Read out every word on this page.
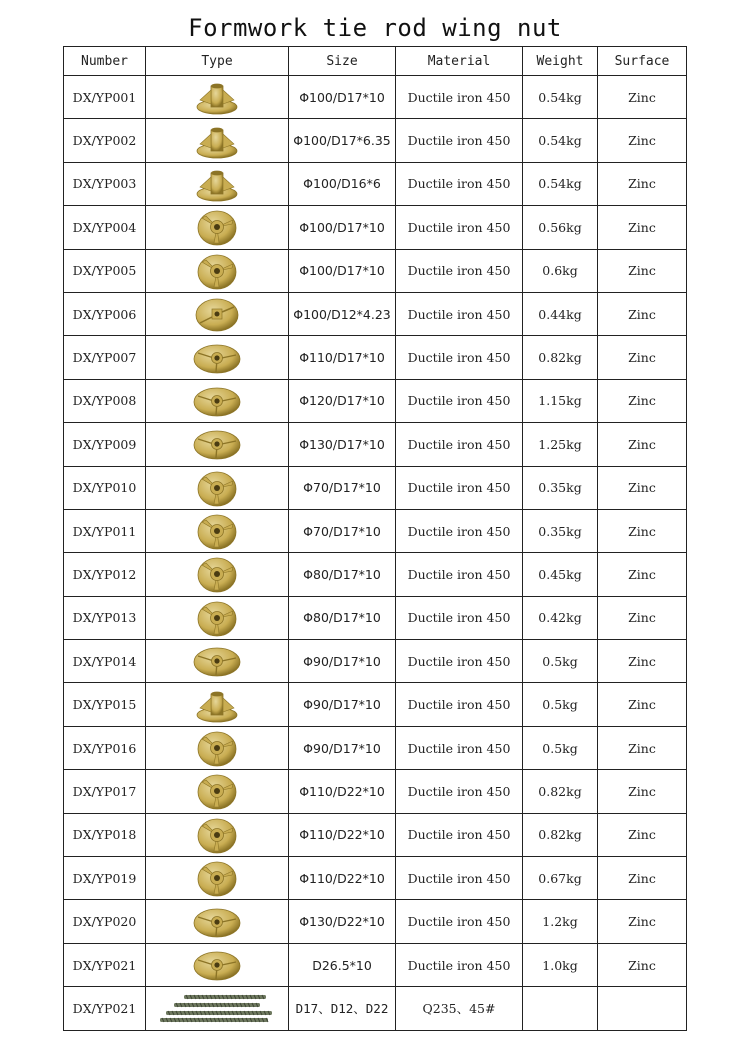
Formwork tie rod wing nut
Number	Type	Size	Material	Weight	Surface
DX/YP001		Φ100/D17*10	Ductile iron 450	0.54kg	Zinc
DX/YP002		Φ100/D17*6.35	Ductile iron 450	0.54kg	Zinc
DX/YP003		Φ100/D16*6	Ductile iron 450	0.54kg	Zinc
DX/YP004		Φ100/D17*10	Ductile iron 450	0.56kg	Zinc
DX/YP005		Φ100/D17*10	Ductile iron 450	0.6kg	Zinc
DX/YP006		Φ100/D12*4.23	Ductile iron 450	0.44kg	Zinc
DX/YP007		Φ110/D17*10	Ductile iron 450	0.82kg	Zinc
DX/YP008		Φ120/D17*10	Ductile iron 450	1.15kg	Zinc
DX/YP009		Φ130/D17*10	Ductile iron 450	1.25kg	Zinc
DX/YP010		Φ70/D17*10	Ductile iron 450	0.35kg	Zinc
DX/YP011		Φ70/D17*10	Ductile iron 450	0.35kg	Zinc
DX/YP012		Φ80/D17*10	Ductile iron 450	0.45kg	Zinc
DX/YP013		Φ80/D17*10	Ductile iron 450	0.42kg	Zinc
DX/YP014		Φ90/D17*10	Ductile iron 450	0.5kg	Zinc
DX/YP015		Φ90/D17*10	Ductile iron 450	0.5kg	Zinc
DX/YP016		Φ90/D17*10	Ductile iron 450	0.5kg	Zinc
DX/YP017		Φ110/D22*10	Ductile iron 450	0.82kg	Zinc
DX/YP018		Φ110/D22*10	Ductile iron 450	0.82kg	Zinc
DX/YP019		Φ110/D22*10	Ductile iron 450	0.67kg	Zinc
DX/YP020		Φ130/D22*10	Ductile iron 450	1.2kg	Zinc
DX/YP021		D26.5*10	Ductile iron 450	1.0kg	Zinc
DX/YP021		D17、D12、D22	Q235、45#		
